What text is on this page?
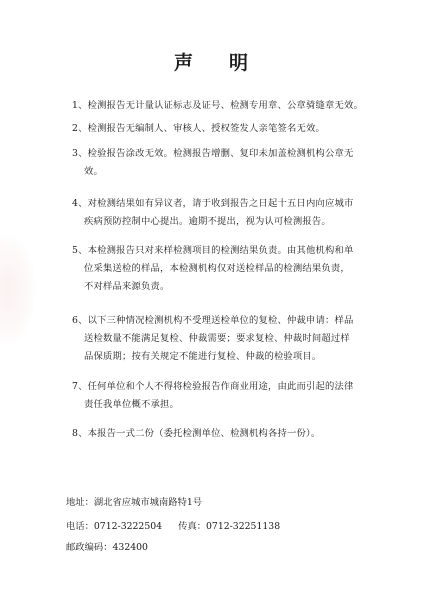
声 明
1、检测报告无计量认证标志及证号、检测专用章、公章骑缝章无效。
2、检测报告无编制人、审核人、授权签发人亲笔签名无效。
3、检验报告涂改无效。检测报告增删、复印未加盖检测机构公章无
效。
4、对检测结果如有异议者，请于收到报告之日起十五日内向应城市
疾病预防控制中心提出。逾期不提出，视为认可检测报告。
5、本检测报告只对来样检测项目的检测结果负责。由其他机构和单
位采集送检的样品，本检测机构仅对送检样品的检测结果负责，
不对样品来源负责。
6、以下三种情况检测机构不受理送检单位的复检、仲裁申请：样品
送检数量不能满足复检、仲裁需要；要求复检、仲裁时间超过样
品保质期；按有关规定不能进行复检、仲裁的检验项目。
7、任何单位和个人不得将检验报告作商业用途，由此而引起的法律
责任我单位概不承担。
8、本报告一式二份（委托检测单位、检测机构各持一份）。
地址：湖北省应城市城南路特1号
电话：0712-3222504 传真：0712-32251138
邮政编码：432400
